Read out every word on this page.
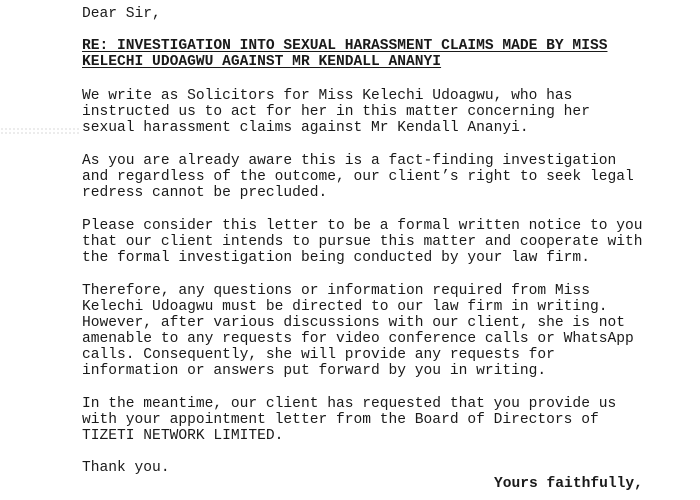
Dear Sir,
RE: INVESTIGATION INTO SEXUAL HARASSMENT CLAIMS MADE BY MISS
KELECHI UDOAGWU AGAINST MR KENDALL ANANYI
We write as Solicitors for Miss Kelechi Udoagwu, who has
instructed us to act for her in this matter concerning her
sexual harassment claims against Mr Kendall Ananyi.
As you are already aware this is a fact-finding investigation
and regardless of the outcome, our client’s right to seek legal
redress cannot be precluded.
Please consider this letter to be a formal written notice to you
that our client intends to pursue this matter and cooperate with
the formal investigation being conducted by your law firm.
Therefore, any questions or information required from Miss
Kelechi Udoagwu must be directed to our law firm in writing.
However, after various discussions with our client, she is not
amenable to any requests for video conference calls or WhatsApp
calls. Consequently, she will provide any requests for
information or answers put forward by you in writing.
In the meantime, our client has requested that you provide us
with your appointment letter from the Board of Directors of
TIZETI NETWORK LIMITED.
Thank you.
Yours faithfully,
